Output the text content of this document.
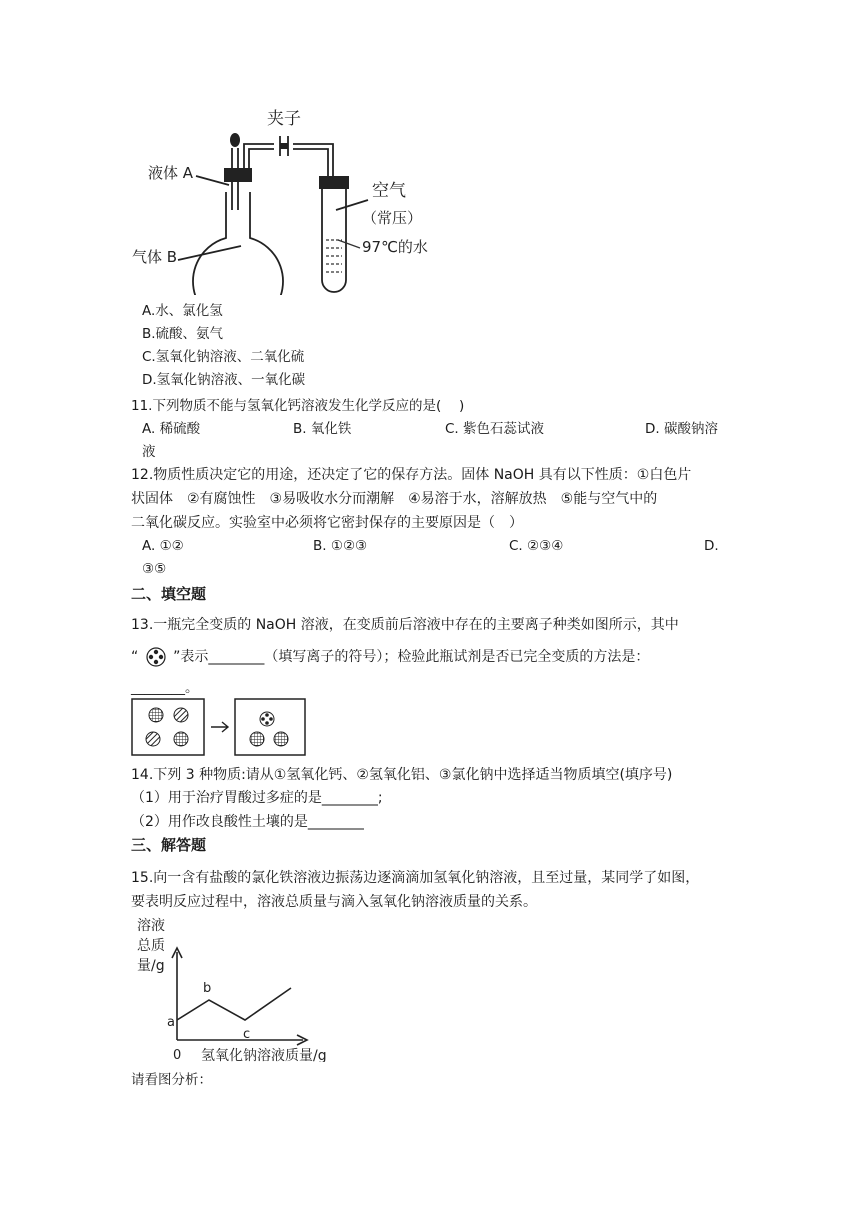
夹子
液体 A
气体 B
空气
（常压）
97℃的水
A.水、氯化氢
B.硫酸、氨气
C.氢氧化钠溶液、二氧化硫
D.氢氧化钠溶液、一氧化碳
11.下列物质不能与氢氧化钙溶液发生化学反应的是(　 )
A. 稀硫酸	B. 氧化铁	C. 紫色石蕊试液	D. 碳酸钠溶
液
12.物质性质决定它的用途，还决定了它的保存方法。固体 NaOH 具有以下性质：①白色片
状固体　②有腐蚀性　③易吸收水分而潮解　④易溶于水，溶解放热　⑤能与空气中的
二氧化碳反应。实验室中必须将它密封保存的主要原因是（　）
A. ①②	B. ①②③	C. ②③④	D.
③⑤
二、填空题
13.一瓶完全变质的 NaOH 溶液，在变质前后溶液中存在的主要离子种类如图所示，其中
“ ”表示________（填写离子的符号）；检验此瓶试剂是否已完全变质的方法是：
________。
14.下列 3 种物质:请从①氢氧化钙、②氢氧化铝、③氯化钠中选择适当物质填空(填序号)
（1）用于治疗胃酸过多症的是________;
（2）用作改良酸性土壤的是________
三、解答题
15.向一含有盐酸的氯化铁溶液边振荡边逐滴滴加氢氧化钠溶液，且至过量，某同学了如图，
要表明反应过程中，溶液总质量与滴入氢氧化钠溶液质量的关系。
溶液
总质
量/g
a
b
c
0 氢氧化钠溶液质量/g
请看图分析：
